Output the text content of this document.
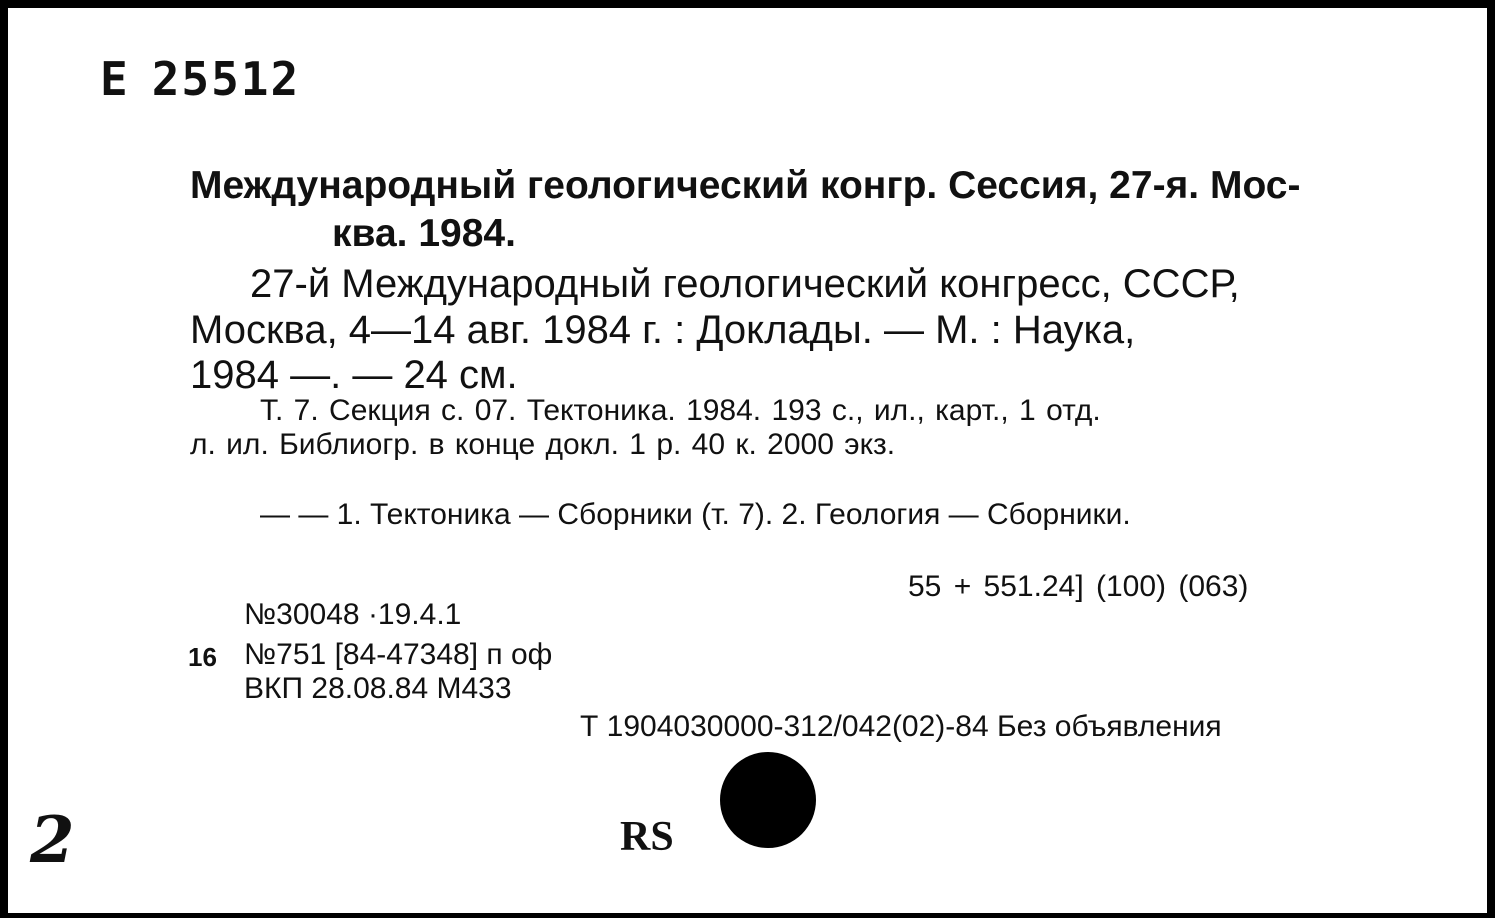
Е 25512
Международный геологический конгр. Сессия, 27-я. Мос-
ква. 1984.
27-й Международный геологический конгресс, СССР,
Москва, 4—14 авг. 1984 г. : Доклады. — М. : Наука,
1984 —. — 24 см.
Т. 7. Секция с. 07. Тектоника. 1984. 193 с., ил., карт., 1 отд.
л. ил. Библиогр. в конце докл. 1 р. 40 к. 2000 экз.
— — 1. Тектоника — Сборники (т. 7). 2. Геология — Сборники.
55 + 551.24] (100) (063)
№30048 ·19.4.1
16 №751 [84-47348] п оф
ВКП 28.08.84 М433
Т 1904030000-312/042(02)-84 Без объявления
RS
2
